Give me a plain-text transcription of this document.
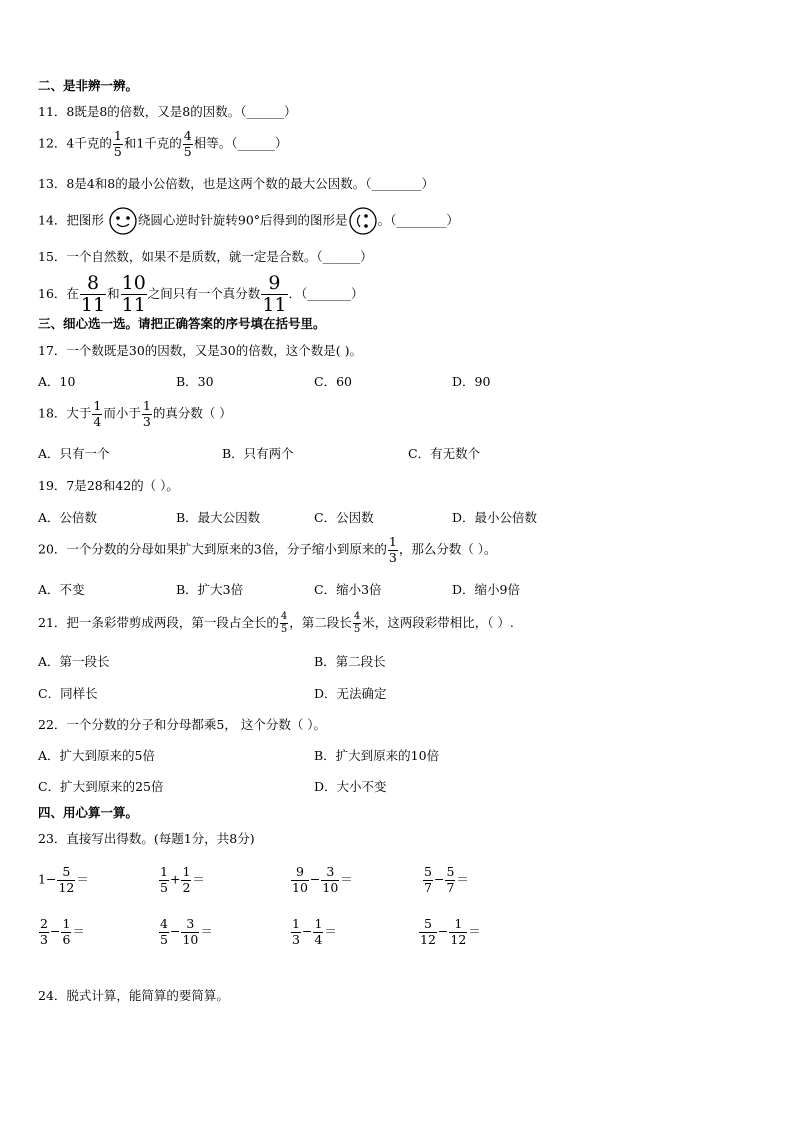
二、是非辨一辨。
11．8既是8的倍数，又是8的因数。（______）
12．4千克的 $\frac{1}{5}$ 和1千克的 $\frac{4}{5}$ 相等。（______）
13．8是4和8的最小公倍数，也是这两个数的最大公因数。（________）
14．把图形	绕圆心逆时针旋转90°后得到的图形是 。（________）
15．一个自然数，如果不是质数，就一定是合数。（______）
16．在 $\frac{8}{11}$ 和 $\frac{10}{11}$ 之间只有一个真分数 $\frac{9}{11}$ ．（_______）
三、细心选一选。请把正确答案的序号填在括号里。
17．一个数既是30的因数，又是30的倍数，这个数是( )。
A．10	B．30	C．60	D．90
18．大于 $\frac{1}{4}$ 而小于 $\frac{1}{3}$ 的真分数（ ）
A．只有一个	B．只有两个	C．有无数个
19．7是28和42的（ ）。
A．公倍数	B．最大公因数	C．公因数	D．最小公倍数
20．一个分数的分母如果扩大到原来的3倍，分子缩小到原来的 $\frac{1}{3}$ ，那么分数（ ）。
A．不变	B．扩大3倍	C．缩小3倍	D．缩小9倍
21．把一条彩带剪成两段，第一段占全长的 $\frac{4}{5}$ ，第二段长 $\frac{4}{5}$ 米，这两段彩带相比，（ ）.
A．第一段长	B．第二段长
C．同样长	D．无法确定
22．一个分数的分子和分母都乘5， 这个分数（ ）。
A．扩大到原来的5倍	B．扩大到原来的10倍
C．扩大到原来的25倍	D．大小不变
四、用心算一算。
23．直接写出得数。(每题1分，共8分)
$1- \frac{5}{12}$ ＝	$\frac{1}{5} + \frac{1}{2}$ ＝	$\frac{9}{10} - \frac{3}{10}$ ＝	$\frac{5}{7} - \frac{5}{7}$ ＝
$\frac{2}{3} - \frac{1}{6}$ ＝	$\frac{4}{5} - \frac{3}{10}$ ＝	$\frac{1}{3} - \frac{1}{4}$ ＝	$\frac{5}{12} - \frac{1}{12}$ ＝
24．脱式计算，能简算的要简算。
